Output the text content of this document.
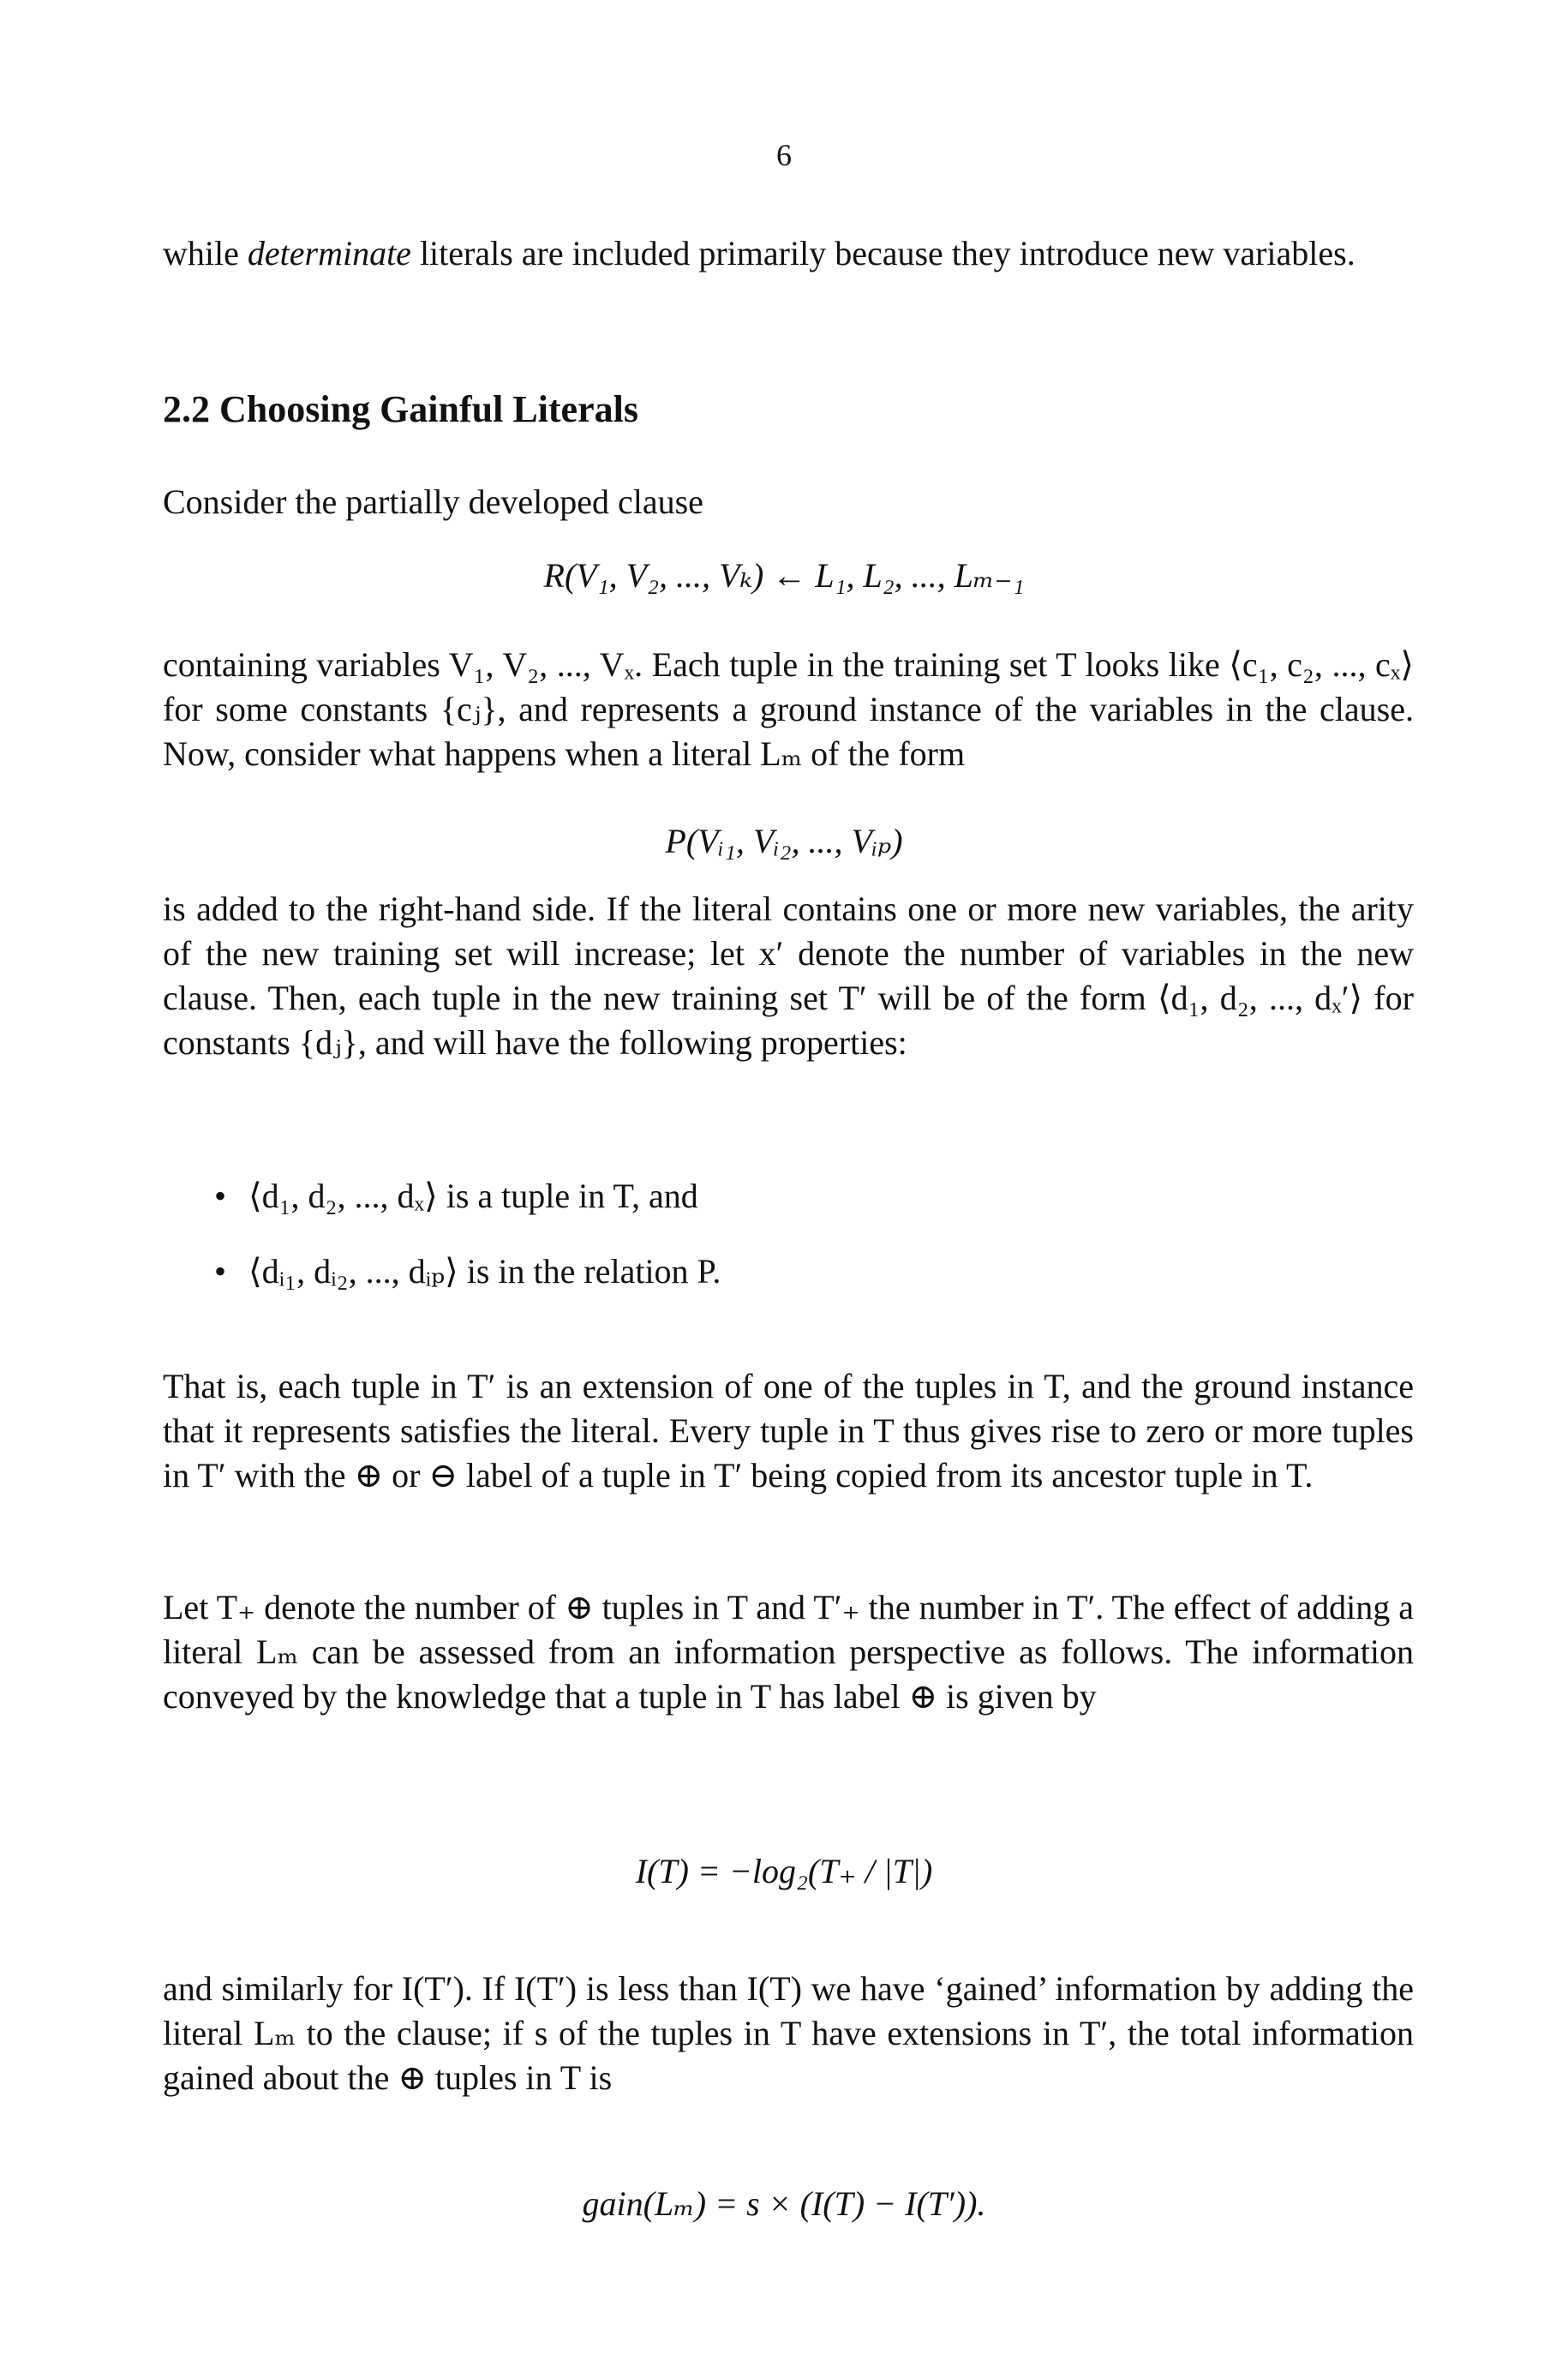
6
while determinate literals are included primarily because they introduce new variables.
2.2 Choosing Gainful Literals
Consider the partially developed clause
R(V₁, V₂, ..., Vₖ) ← L₁, L₂, ..., Lₘ₋₁
containing variables V₁, V₂, ..., Vₓ. Each tuple in the training set T looks like ⟨c₁, c₂, ..., cₓ⟩ for some constants {cⱼ}, and represents a ground instance of the variables in the clause. Now, consider what happens when a literal Lₘ of the form
P(Vᵢ₁, Vᵢ₂, ..., Vᵢₚ)
is added to the right-hand side. If the literal contains one or more new variables, the arity of the new training set will increase; let x′ denote the number of variables in the new clause. Then, each tuple in the new training set T′ will be of the form ⟨d₁, d₂, ..., dₓ′⟩ for constants {dⱼ}, and will have the following properties:
• ⟨d₁, d₂, ..., dₓ⟩ is a tuple in T, and
• ⟨dᵢ₁, dᵢ₂, ..., dᵢₚ⟩ is in the relation P.
That is, each tuple in T′ is an extension of one of the tuples in T, and the ground instance that it represents satisfies the literal. Every tuple in T thus gives rise to zero or more tuples in T′ with the ⊕ or ⊖ label of a tuple in T′ being copied from its ancestor tuple in T.
Let T₊ denote the number of ⊕ tuples in T and T′₊ the number in T′. The effect of adding a literal Lₘ can be assessed from an information perspective as follows. The information conveyed by the knowledge that a tuple in T has label ⊕ is given by
I(T) = −log₂(T₊ / |T|)
and similarly for I(T′). If I(T′) is less than I(T) we have ‘gained’ information by adding the literal Lₘ to the clause; if s of the tuples in T have extensions in T′, the total information gained about the ⊕ tuples in T is
gain(Lₘ) = s × (I(T) − I(T′)).
